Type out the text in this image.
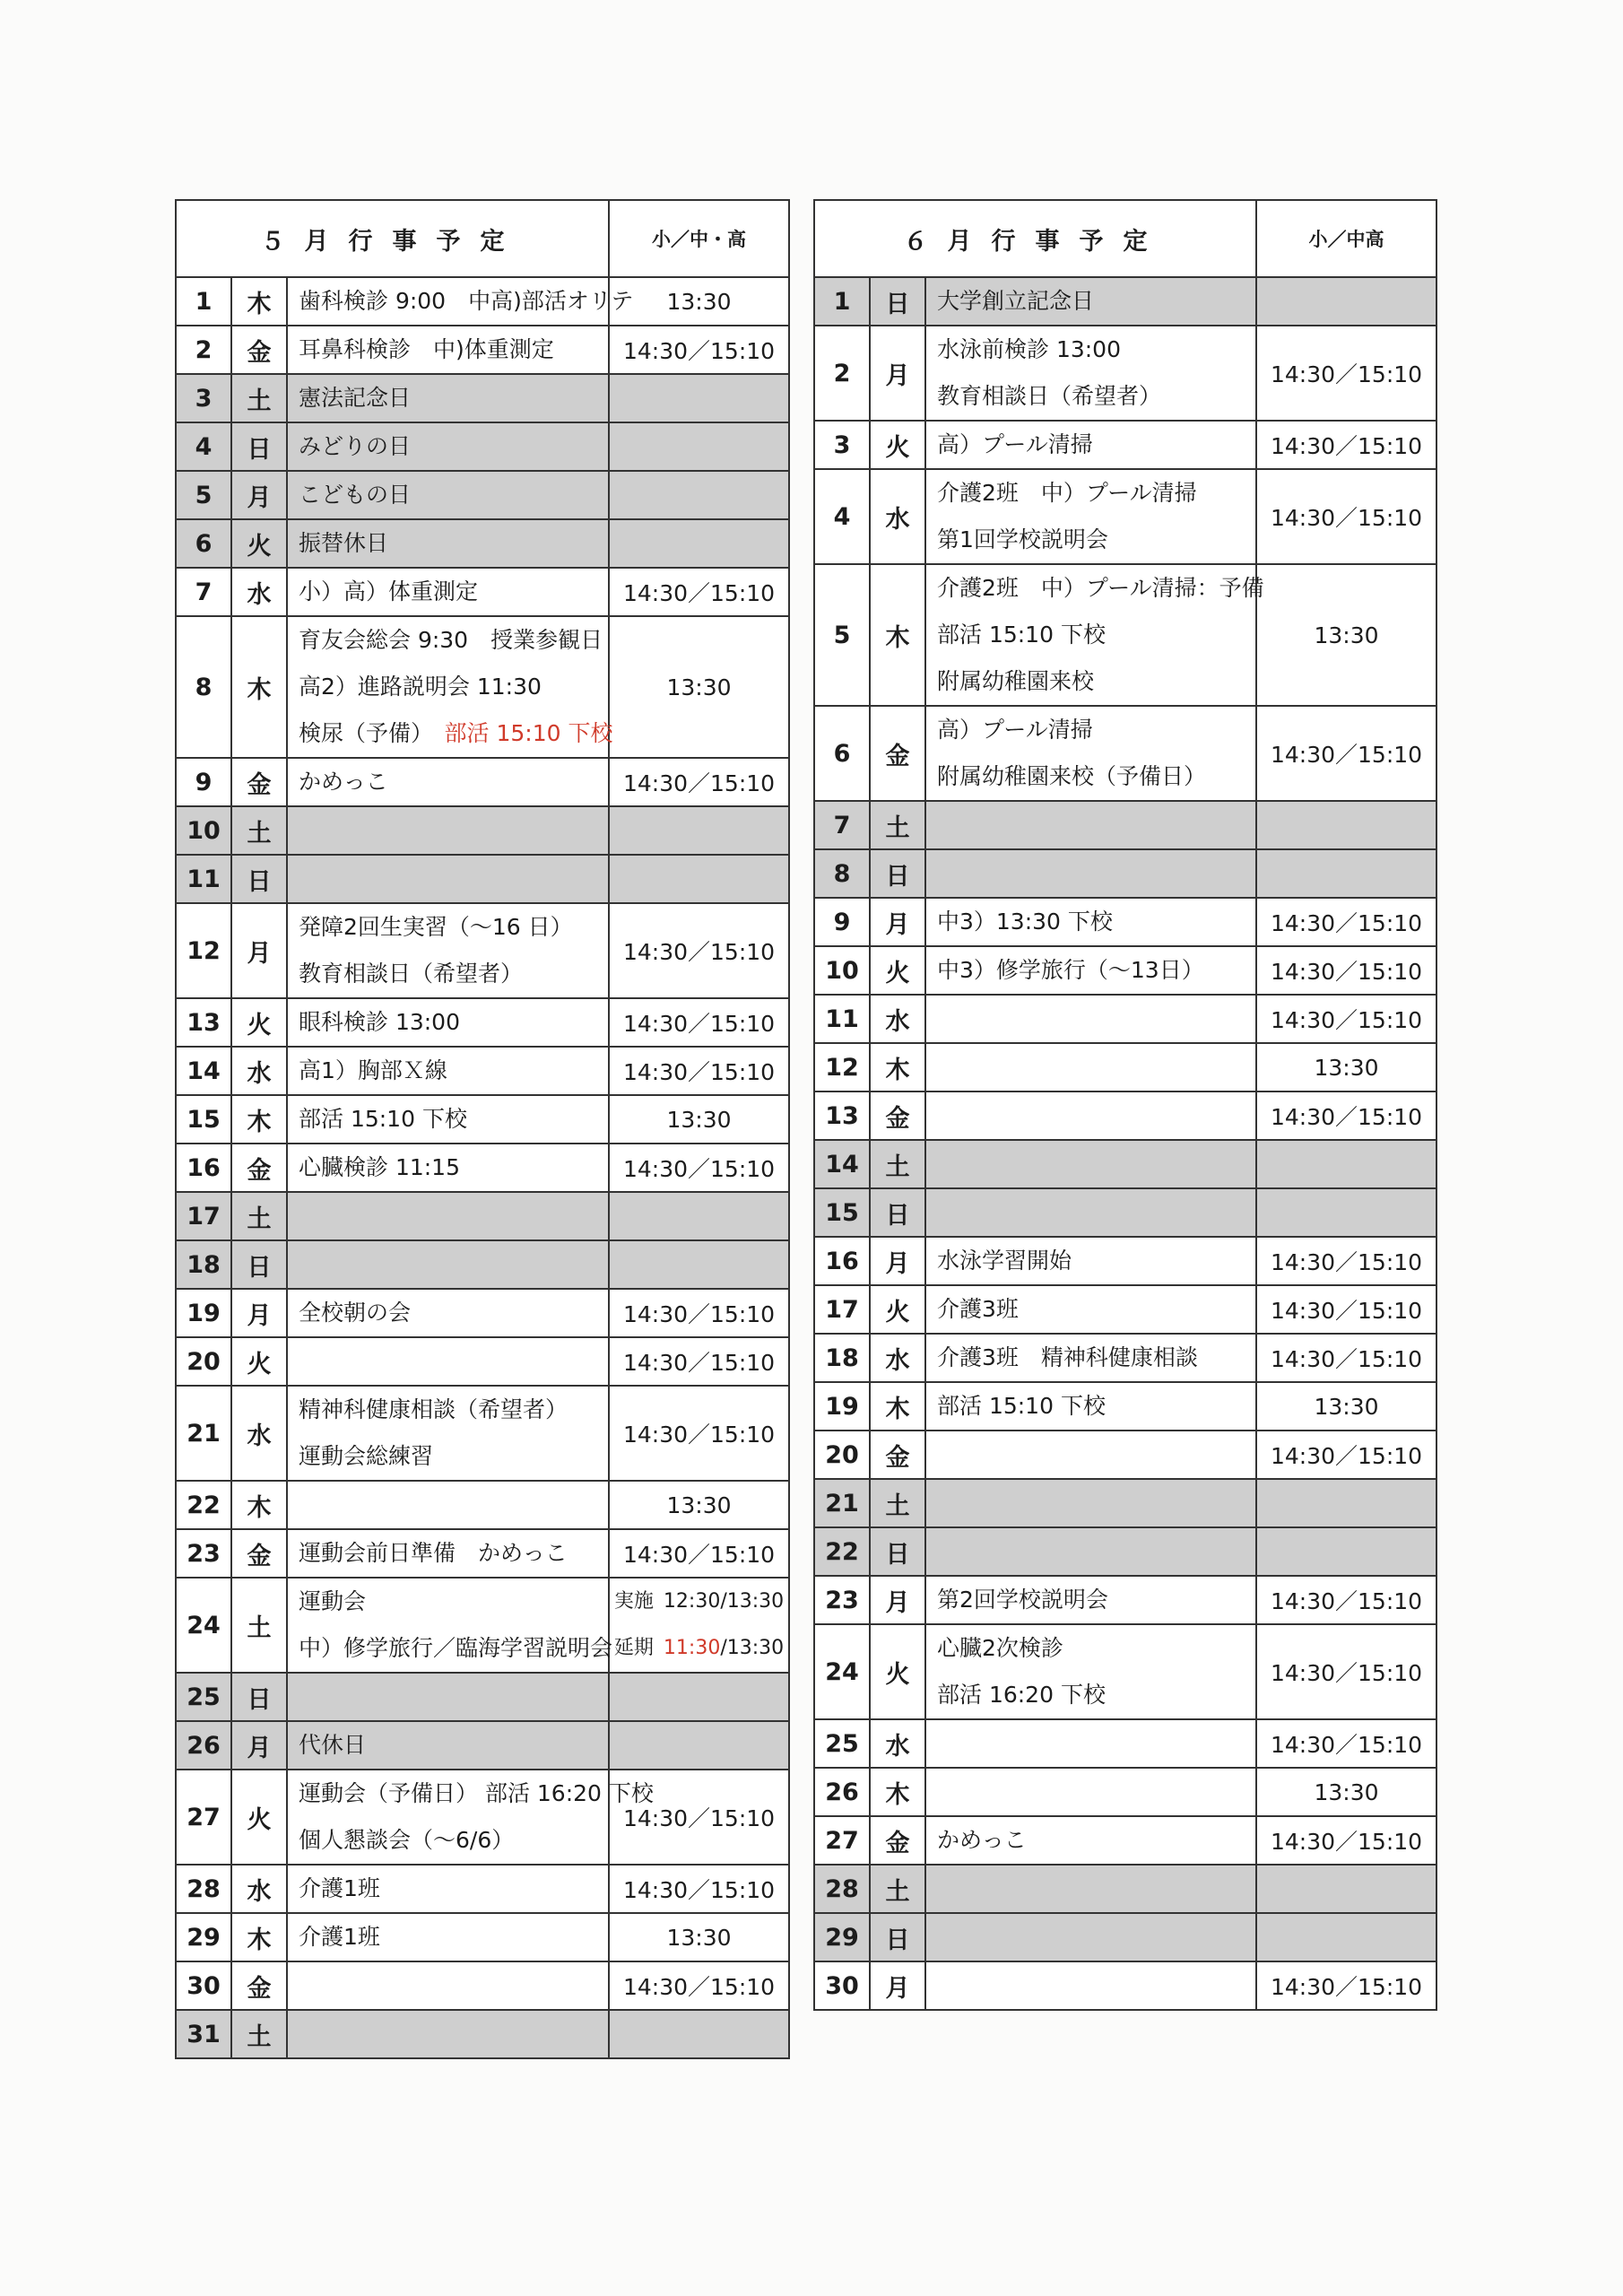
５月行事予定			小／中・高
1	木	歯科検診 9:00　中高)部活オリテ	13:30
2	金	耳鼻科検診　中)体重測定	14:30／15:10
3	土	憲法記念日	

4	日	みどりの日	

5	月	こどもの日	

6	火	振替休日	

7	水	小）高）体重測定	14:30／15:10
8	木	育友会総会 9:30　授業参観日
高2）進路説明会 11:30
検尿（予備）　 部活 15:10 下校	13:30
9	金	かめっこ	14:30／15:10
10	土	

11	日	

12	月	発障2回生実習（～16 日）
教育相談日（希望者）	14:30／15:10
13	火	眼科検診 13:00	14:30／15:10
14	水	高1）胸部Ｘ線	14:30／15:10
15	木	部活 15:10 下校	13:30
16	金	心臓検診 11:15	14:30／15:10
17	土	

18	日	

19	月	全校朝の会	14:30／15:10
20	火		14:30／15:10
21	水	精神科健康相談（希望者）
運動会総練習	14:30／15:10
22	木		13:30
23	金	運動会前日準備　かめっこ	14:30／15:10
24	土	運動会
中）修学旅行／臨海学習説明会	実施  12:30/13:30
延期  11:30/13:30

25	日	

26	月	代休日	

27	火	運動会（予備日） 部活 16:20 下校
個人懇談会（～6/6）	14:30／15:10
28	水	介護1班	14:30／15:10
29	木	介護1班	13:30
30	金		14:30／15:10
31	土	

６月行事予定			小／中高
1	日	大学創立記念日	

2	月	水泳前検診 13:00
教育相談日（希望者）	14:30／15:10
3	火	高）プール清掃	14:30／15:10
4	水	介護2班　中）プール清掃
第1回学校説明会	14:30／15:10
5	木	介護2班　中）プール清掃：予備
部活 15:10 下校
附属幼稚園来校	13:30
6	金	高）プール清掃
附属幼稚園来校（予備日）	14:30／15:10
7	土	

8	日	

9	月	中3）13:30 下校	14:30／15:10
10	火	中3）修学旅行（～13日）	14:30／15:10
11	水		14:30／15:10
12	木		13:30
13	金		14:30／15:10
14	土	

15	日	

16	月	水泳学習開始	14:30／15:10
17	火	介護3班	14:30／15:10
18	水	介護3班　精神科健康相談	14:30／15:10
19	木	部活 15:10 下校	13:30
20	金		14:30／15:10
21	土	

22	日	

23	月	第2回学校説明会	14:30／15:10
24	火	心臓2次検診
部活 16:20 下校	14:30／15:10
25	水		14:30／15:10
26	木		13:30
27	金	かめっこ	14:30／15:10
28	土	

29	日	

30	月		14:30／15:10
